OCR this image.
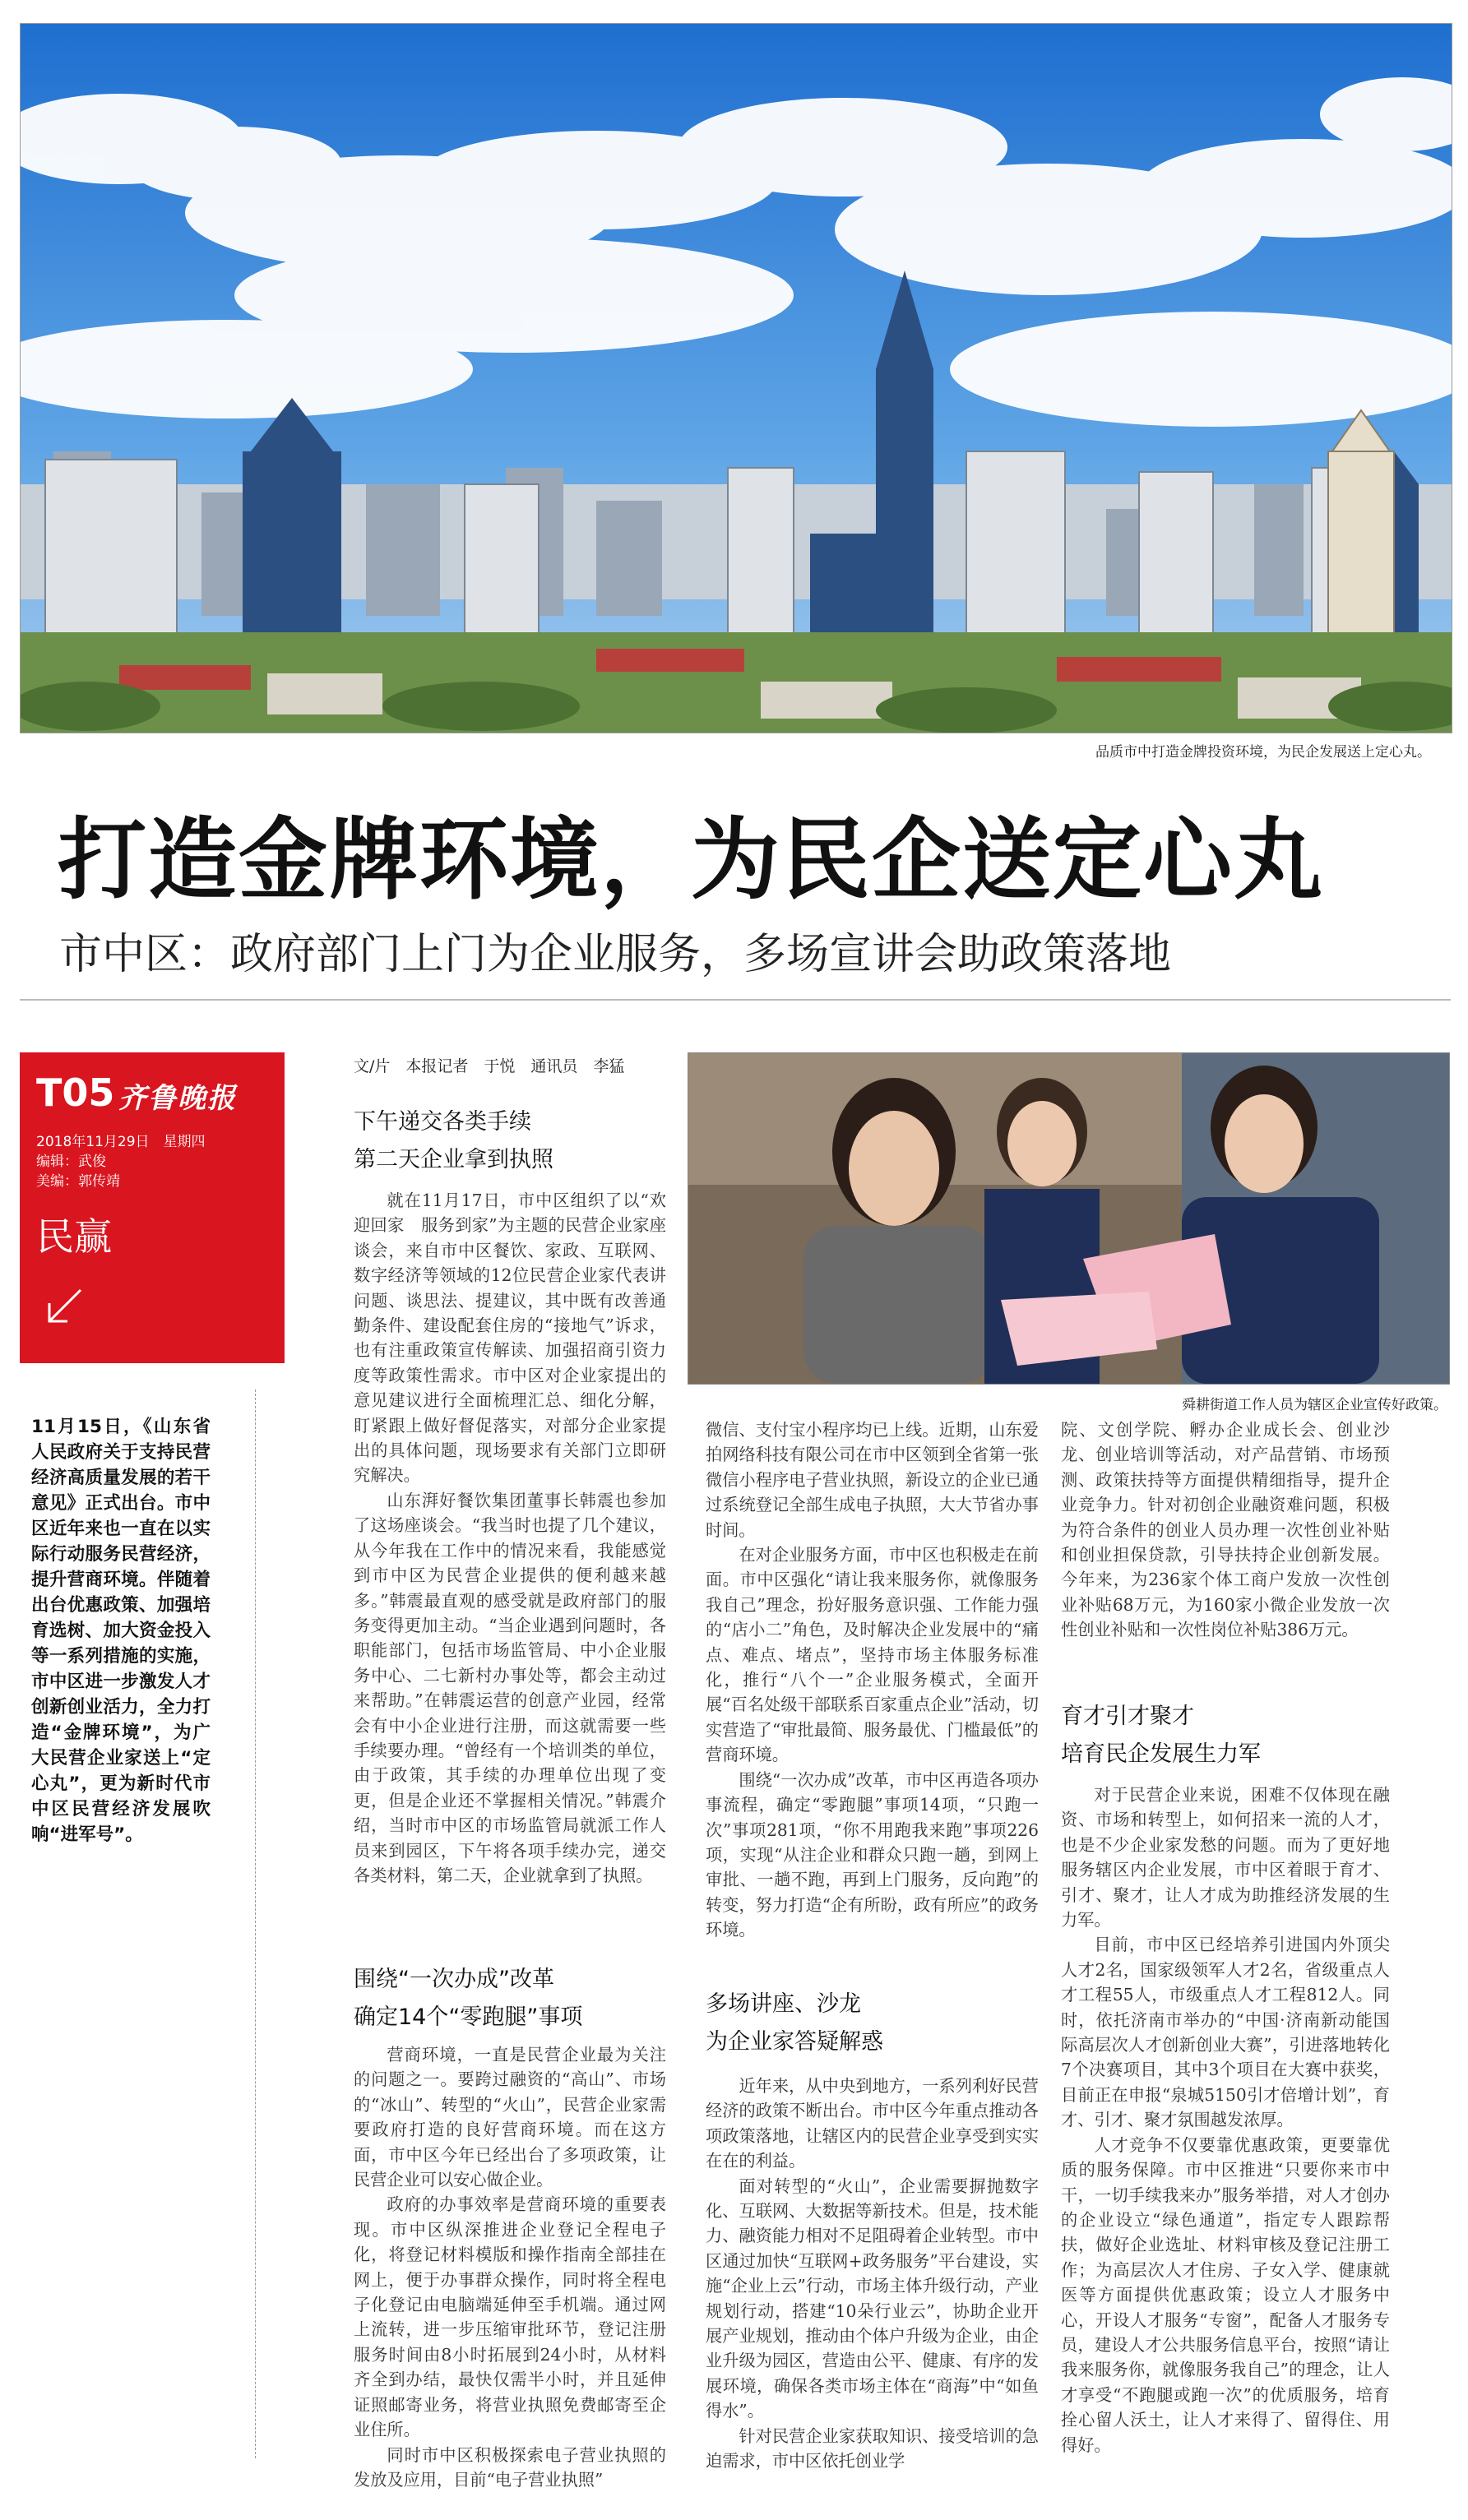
品质市中打造金牌投资环境，为民企发展送上定心丸。
打造金牌环境，为民企送定心丸
市中区：政府部门上门为企业服务，多场宣讲会助政策落地
T05 齐鲁晚报
2018年11月29日　星期四
编辑：武俊
美编：郭传靖
民赢
11月15日，《山东省人民政府关于支持民营经济高质量发展的若干意见》正式出台。市中区近年来也一直在以实际行动服务民营经济，提升营商环境。伴随着出台优惠政策、加强培育选树、加大资金投入等一系列措施的实施，市中区进一步激发人才创新创业活力，全力打造“金牌环境”，为广大民营企业家送上“定心丸”，更为新时代市中区民营经济发展吹响“进军号”。
文/片　本报记者　于悦　通讯员　李猛
下午递交各类手续
第二天企业拿到执照

就在11月17日，市中区组织了以“欢迎回家　服务到家”为主题的民营企业家座谈会，来自市中区餐饮、家政、互联网、数字经济等领域的12位民营企业家代表讲问题、谈思法、提建议，其中既有改善通勤条件、建设配套住房的“接地气”诉求，也有注重政策宣传解读、加强招商引资力度等政策性需求。市中区对企业家提出的意见建议进行全面梳理汇总、细化分解，盯紧跟上做好督促落实，对部分企业家提出的具体问题，现场要求有关部门立即研究解决。

山东湃好餐饮集团董事长韩震也参加了这场座谈会。“我当时也提了几个建议，从今年我在工作中的情况来看，我能感觉到市中区为民营企业提供的便利越来越多。”韩震最直观的感受就是政府部门的服务变得更加主动。“当企业遇到问题时，各职能部门，包括市场监管局、中小企业服务中心、二七新村办事处等，都会主动过来帮助。”在韩震运营的创意产业园，经常会有中小企业进行注册，而这就需要一些手续要办理。“曾经有一个培训类的单位，由于政策，其手续的办理单位出现了变更，但是企业还不掌握相关情况。”韩震介绍，当时市中区的市场监管局就派工作人员来到园区，下午将各项手续办完，递交各类材料，第二天，企业就拿到了执照。

围绕“一次办成”改革
确定14个“零跑腿”事项

营商环境，一直是民营企业最为关注的问题之一。要跨过融资的“高山”、市场的“冰山”、转型的“火山”，民营企业家需要政府打造的良好营商环境。而在这方面，市中区今年已经出台了多项政策，让民营企业可以安心做企业。

政府的办事效率是营商环境的重要表现。市中区纵深推进企业登记全程电子化，将登记材料模版和操作指南全部挂在网上，便于办事群众操作，同时将全程电子化登记由电脑端延伸至手机端。通过网上流转，进一步压缩审批环节，登记注册服务时间由8小时拓展到24小时，从材料齐全到办结，最快仅需半小时，并且延伸证照邮寄业务，将营业执照免费邮寄至企业住所。

同时市中区积极探索电子营业执照的发放及应用，目前“电子营业执照”

舜耕街道工作人员为辖区企业宣传好政策。

微信、支付宝小程序均已上线。近期，山东爱拍网络科技有限公司在市中区领到全省第一张微信小程序电子营业执照，新设立的企业已通过系统登记全部生成电子执照，大大节省办事时间。

在对企业服务方面，市中区也积极走在前面。市中区强化“请让我来服务你，就像服务我自己”理念，扮好服务意识强、工作能力强的“店小二”角色，及时解决企业发展中的“痛点、难点、堵点”，坚持市场主体服务标准化，推行“八个一”企业服务模式，全面开展“百名处级干部联系百家重点企业”活动，切实营造了“审批最简、服务最优、门槛最低”的营商环境。

围绕“一次办成”改革，市中区再造各项办事流程，确定“零跑腿”事项14项，“只跑一次”事项281项，“你不用跑我来跑”事项226项，实现“从注企业和群众只跑一趟，到网上审批、一趟不跑，再到上门服务，反向跑”的转变，努力打造“企有所盼，政有所应”的政务环境。

多场讲座、沙龙
为企业家答疑解惑

近年来，从中央到地方，一系列利好民营经济的政策不断出台。市中区今年重点推动各项政策落地，让辖区内的民营企业享受到实实在在的利益。

面对转型的“火山”，企业需要摒抛数字化、互联网、大数据等新技术。但是，技术能力、融资能力相对不足阻碍着企业转型。市中区通过加快“互联网+政务服务”平台建设，实施“企业上云”行动，市场主体升级行动，产业规划行动，搭建“10朵行业云”，协助企业开展产业规划，推动由个体户升级为企业，由企业升级为园区，营造由公平、健康、有序的发展环境，确保各类市场主体在“商海”中“如鱼得水”。

针对民营企业家获取知识、接受培训的急迫需求，市中区依托创业学

院、文创学院、孵办企业成长会、创业沙龙、创业培训等活动，对产品营销、市场预测、政策扶持等方面提供精细指导，提升企业竞争力。针对初创企业融资难问题，积极为符合条件的创业人员办理一次性创业补贴和创业担保贷款，引导扶持企业创新发展。今年来，为236家个体工商户发放一次性创业补贴68万元，为160家小微企业发放一次性创业补贴和一次性岗位补贴386万元。

育才引才聚才
培育民企发展生力军

对于民营企业来说，困难不仅体现在融资、市场和转型上，如何招来一流的人才，也是不少企业家发愁的问题。而为了更好地服务辖区内企业发展，市中区着眼于育才、引才、聚才，让人才成为助推经济发展的生力军。

目前，市中区已经培养引进国内外顶尖人才2名，国家级领军人才2名，省级重点人才工程55人，市级重点人才工程812人。同时，依托济南市举办的“中国·济南新动能国际高层次人才创新创业大赛”，引进落地转化7个决赛项目，其中3个项目在大赛中获奖，目前正在申报“泉城5150引才倍增计划”，育才、引才、聚才氛围越发浓厚。

人才竞争不仅要靠优惠政策，更要靠优质的服务保障。市中区推进“只要你来市中干，一切手续我来办”服务举措，对人才创办的企业设立“绿色通道”，指定专人跟踪帮扶，做好企业选址、材料审核及登记注册工作；为高层次人才住房、子女入学、健康就医等方面提供优惠政策；设立人才服务中心，开设人才服务“专窗”，配备人才服务专员，建设人才公共服务信息平台，按照“请让我来服务你，就像服务我自己”的理念，让人才享受“不跑腿或跑一次”的优质服务，培育拴心留人沃土，让人才来得了、留得住、用得好。
